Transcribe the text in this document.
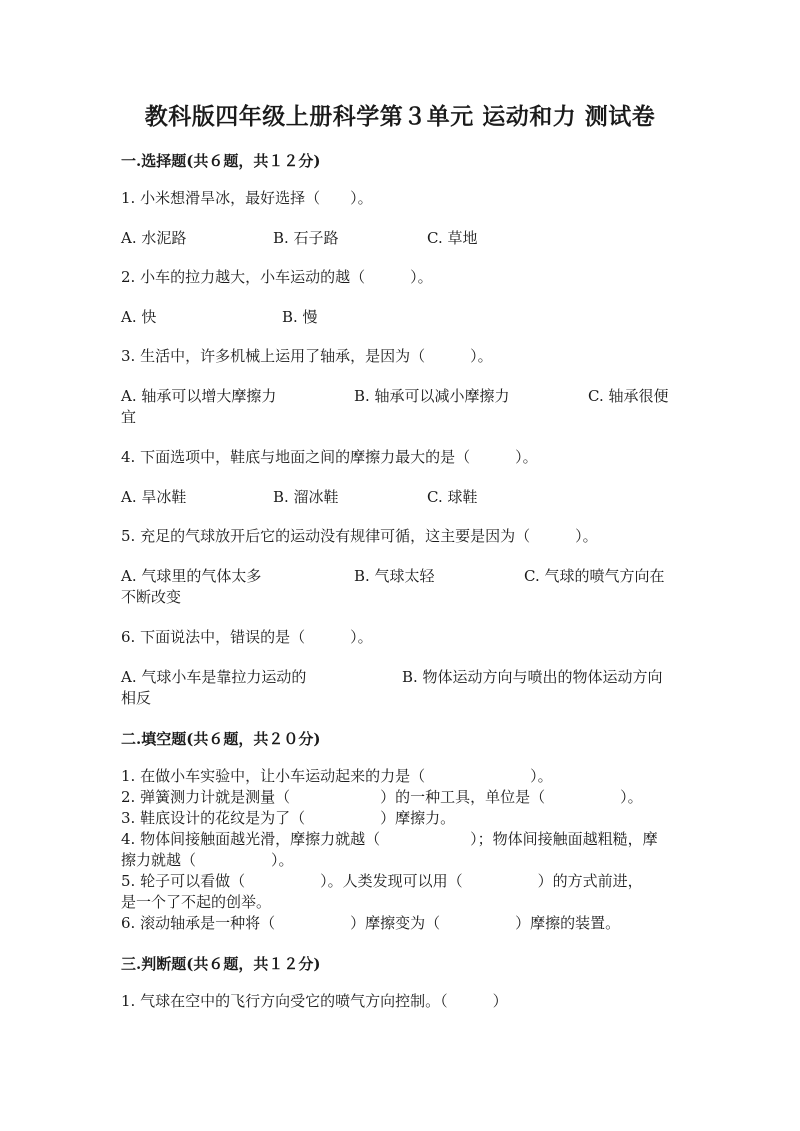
教科版四年级上册科学第３单元 运动和力 测试卷
一.选择题(共６题，共１２分)
1. 小米想滑旱冰，最好选择（　　）。
A. 水泥路	B. 石子路	C. 草地
2. 小车的拉力越大，小车运动的越（　　　）。
A. 快	B. 慢
3. 生活中，许多机械上运用了轴承，是因为（　　　）。
A. 轴承可以增大摩擦力	B. 轴承可以减小摩擦力	C. 轴承很便
宜
4. 下面选项中，鞋底与地面之间的摩擦力最大的是（　　　）。
A. 旱冰鞋	B. 溜冰鞋	C. 球鞋
5. 充足的气球放开后它的运动没有规律可循，这主要是因为（　　　）。
A. 气球里的气体太多	B. 气球太轻	C. 气球的喷气方向在
不断改变
6. 下面说法中，错误的是（　　　）。
A. 气球小车是靠拉力运动的	B. 物体运动方向与喷出的物体运动方向
相反
二.填空题(共６题，共２０分)
1. 在做小车实验中，让小车运动起来的力是（　　　　　　　）。
2. 弹簧测力计就是测量（　　　　　　）的一种工具，单位是（　　　　　）。
3. 鞋底设计的花纹是为了（　　　　　）摩擦力。
4. 物体间接触面越光滑，摩擦力就越（　　　　　　）；物体间接触面越粗糙，摩
擦力就越（　　　　　）。
5. 轮子可以看做（　　　　　）。人类发现可以用（　　　　　）的方式前进，
是一个了不起的创举。
6. 滚动轴承是一种将（　　　　　）摩擦变为（　　　　　）摩擦的装置。
三.判断题(共６题，共１２分)
1. 气球在空中的飞行方向受它的喷气方向控制。（　　　）
